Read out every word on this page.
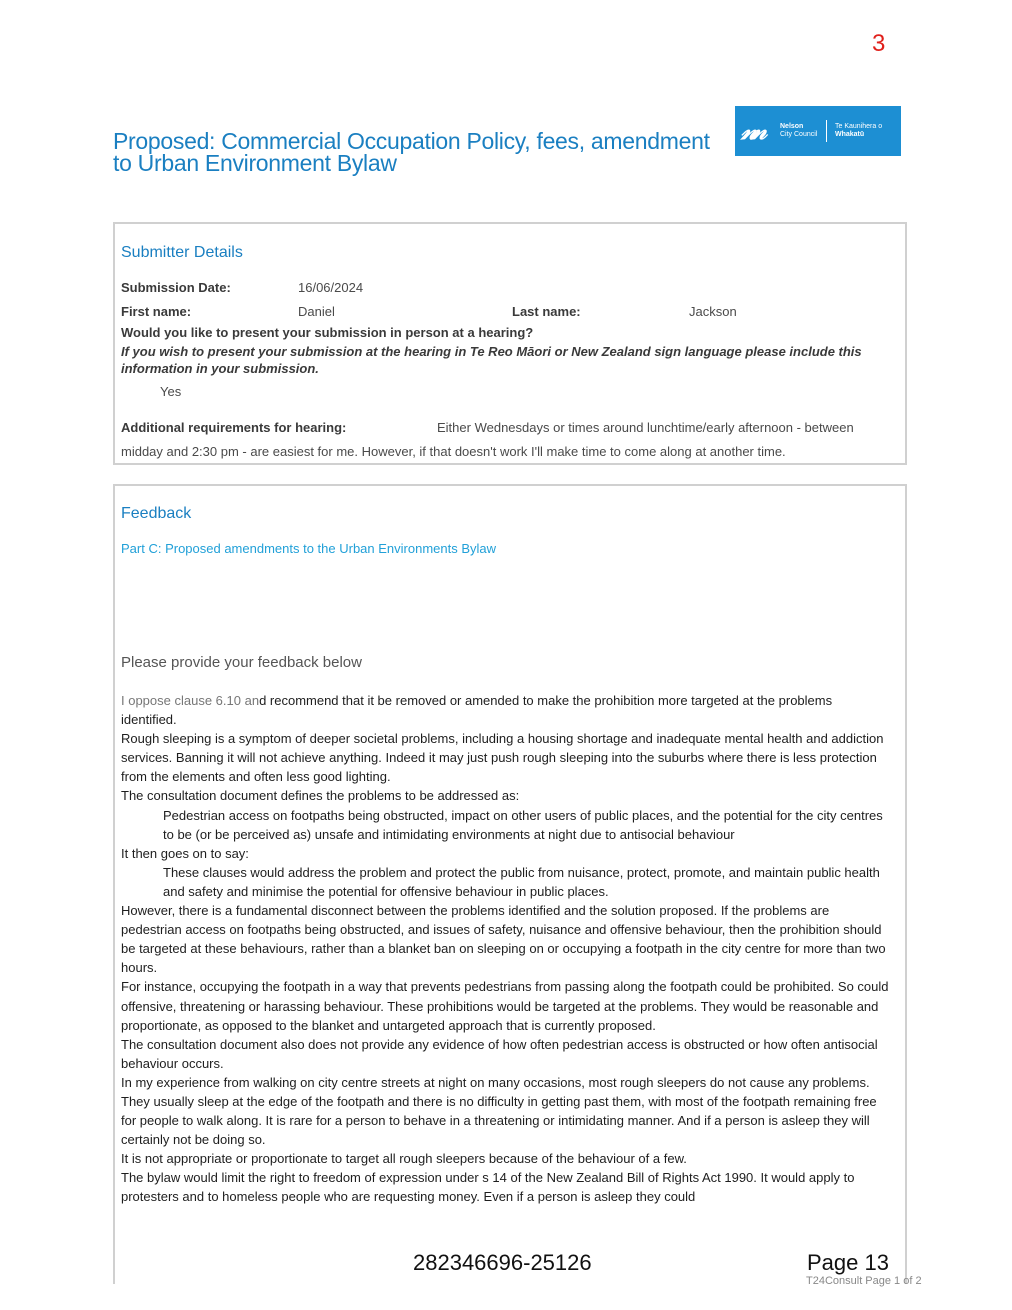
3
Proposed: Commercial Occupation Policy, fees, amendment to Urban Environment Bylaw
𝓃𝓃	Nelson
City Council
Te Kaunihera o
Whakatū
Submitter Details
Submission Date:	16/06/2024
First name:	Daniel	Last name:	Jackson
Would you like to present your submission in person at a hearing?
If you wish to present your submission at the hearing in Te Reo Māori or New Zealand sign language please include this information in your submission.
Yes
Additional requirements for hearing:	Either Wednesdays or times around lunchtime/early afternoon - between
midday and 2:30 pm - are easiest for me. However, if that doesn't work I'll make time to come along at another time.
Feedback
Part C: Proposed amendments to the Urban Environments Bylaw
Please provide your feedback below

I oppose clause 6.10 and recommend that it be removed or amended to make the prohibition more targeted at the problems identified.

Rough sleeping is a symptom of deeper societal problems, including a housing shortage and inadequate mental health and addiction services. Banning it will not achieve anything. Indeed it may just push rough sleeping into the suburbs where there is less protection from the elements and often less good lighting.

The consultation document defines the problems to be addressed as:

Pedestrian access on footpaths being obstructed, impact on other users of public places, and the potential for the city centres to be (or be perceived as) unsafe and intimidating environments at night due to antisocial behaviour

It then goes on to say:

These clauses would address the problem and protect the public from nuisance, protect, promote, and maintain public health and safety and minimise the potential for offensive behaviour in public places.

However, there is a fundamental disconnect between the problems identified and the solution proposed. If the problems are pedestrian access on footpaths being obstructed, and issues of safety, nuisance and offensive behaviour, then the prohibition should be targeted at these behaviours, rather than a blanket ban on sleeping on or occupying a footpath in the city centre for more than two hours.

For instance, occupying the footpath in a way that prevents pedestrians from passing along the footpath could be prohibited. So could offensive, threatening or harassing behaviour. These prohibitions would be targeted at the problems. They would be reasonable and proportionate, as opposed to the blanket and untargeted approach that is currently proposed.

The consultation document also does not provide any evidence of how often pedestrian access is obstructed or how often antisocial behaviour occurs.

In my experience from walking on city centre streets at night on many occasions, most rough sleepers do not cause any problems. They usually sleep at the edge of the footpath and there is no difficulty in getting past them, with most of the footpath remaining free for people to walk along. It is rare for a person to behave in a threatening or intimidating manner. And if a person is asleep they will certainly not be doing so.

It is not appropriate or proportionate to target all rough sleepers because of the behaviour of a few.

The bylaw would limit the right to freedom of expression under s 14 of the New Zealand Bill of Rights Act 1990. It would apply to protesters and to homeless people who are requesting money. Even if a person is asleep they could

282346696-25126	Page 13
T24Consult Page 1 of 2
